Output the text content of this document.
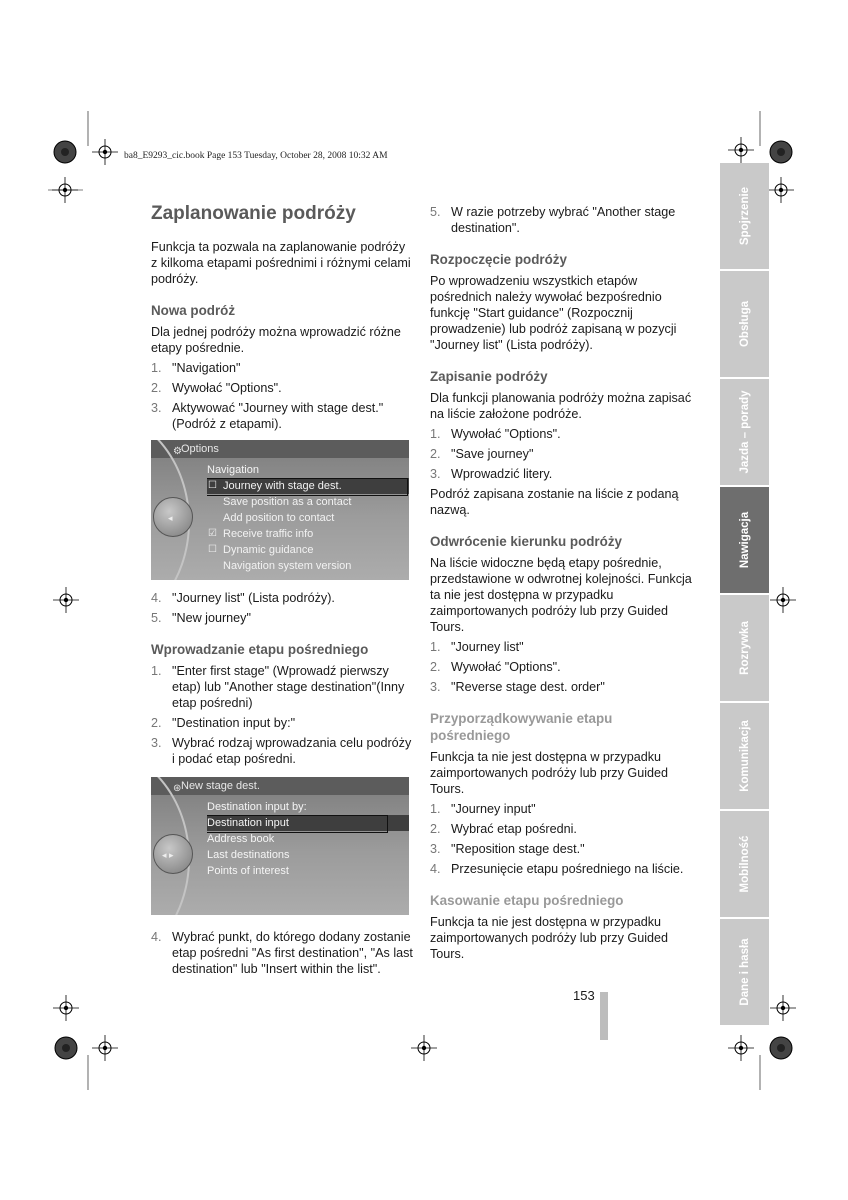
ba8_E9293_cic.book Page 153 Tuesday, October 28, 2008 10:32 AM
Zaplanowanie podróży

Funkcja ta pozwala na zaplanowanie podróży z kilkoma etapami pośrednimi i różnymi celami podróży.

Nowa podróż

Dla jednej podróży można wprowadzić różne etapy pośrednie.

1. "Navigation"
2. Wywołać "Options".
3. Aktywować "Journey with stage dest." (Podróż z etapami).
⚙ Options
◂
Navigation
☐ Journey with stage dest.
Save position as a contact
Add position to contact
☑ Receive traffic info
☐ Dynamic guidance
Navigation system version
4. "Journey list" (Lista podróży).
5. "New journey"
Wprowadzanie etapu pośredniego
1. "Enter first stage" (Wprowadź pierwszy etap) lub "Another stage destination"(Inny etap pośredni)
2. "Destination input by:"
3. Wybrać rodzaj wprowadzania celu podróży i podać etap pośredni.
⊛ New stage dest.
◂ ▸
Destination input by:
Destination input
Address book
Last destinations
Points of interest
4. Wybrać punkt, do którego dodany zostanie etap pośredni "As first destination", "As last destination" lub "Insert within the list".
5. W razie potrzeby wybrać "Another stage destination".
Rozpoczęcie podróży

Po wprowadzeniu wszystkich etapów pośrednich należy wywołać bezpośrednio funkcję "Start guidance" (Rozpocznij prowadzenie) lub podróż zapisaną w pozycji "Journey list" (Lista podróży).

Zapisanie podróży

Dla funkcji planowania podróży można zapisać na liście założone podróże.

1. Wywołać "Options".
2. "Save journey"
3. Wprowadzić litery.

Podróż zapisana zostanie na liście z podaną nazwą.

Odwrócenie kierunku podróży

Na liście widoczne będą etapy pośrednie, przedstawione w odwrotnej kolejności. Funkcja ta nie jest dostępna w przypadku zaimportowanych podróży lub przy Guided Tours.

1. "Journey list"
2. Wywołać "Options".
3. "Reverse stage dest. order"
Przyporządkowywanie etapu pośredniego

Funkcja ta nie jest dostępna w przypadku zaimportowanych podróży lub przy Guided Tours.

1. "Journey input"
2. Wybrać etap pośredni.
3. "Reposition stage dest."
4. Przesunięcie etapu pośredniego na liście.
Kasowanie etapu pośredniego

Funkcja ta nie jest dostępna w przypadku zaimportowanych podróży lub przy Guided Tours.

153
Spojrzenie
Obsługa
Jazda – porady
Nawigacja
Rozrywka
Komunikacja
Mobilność
Dane i hasła
